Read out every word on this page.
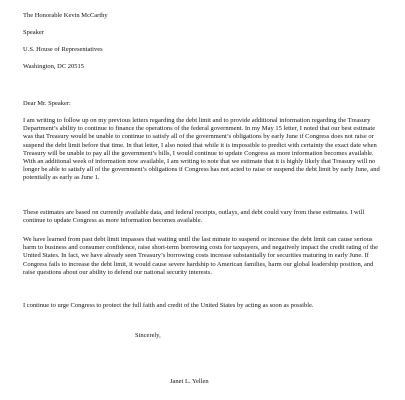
The Honorable Kevin McCarthy
Speaker
U.S. House of Representatives
Washington, DC 20515
Dear Mr. Speaker:

I am writing to follow up on my previous letters regarding the debt limit and to provide additional information regarding the Treasury Department’s ability to continue to finance the operations of the federal government. In my May 15 letter, I noted that our best estimate was that Treasury would be unable to continue to satisfy all of the government’s obligations by early June if Congress does not raise or suspend the debt limit before that time. In that letter, I also noted that while it is impossible to predict with certainty the exact date when Treasury will be unable to pay all the government’s bills, I would continue to update Congress as more information becomes available. With an additional week of information now available, I am writing to note that we estimate that it is highly likely that Treasury will no longer be able to satisfy all of the government’s obligations if Congress has not acted to raise or suspend the debt limit by early June, and potentially as early as June 1.

These estimates are based on currently available data, and federal receipts, outlays, and debt could vary from these estimates. I will continue to update Congress as more information becomes available.

We have learned from past debt limit impasses that waiting until the last minute to suspend or increase the debt limit can cause serious harm to business and consumer confidence, raise short-term borrowing costs for taxpayers, and negatively impact the credit rating of the United States. In fact, we have already seen Treasury’s borrowing costs increase substantially for securities maturing in early June. If Congress fails to increase the debt limit, it would cause severe hardship to American families, harm our global leadership position, and raise questions about our ability to defend our national security interests.

I continue to urge Congress to protect the full faith and credit of the United States by acting as soon as possible.

Sincerely,
Janet L. Yellen
